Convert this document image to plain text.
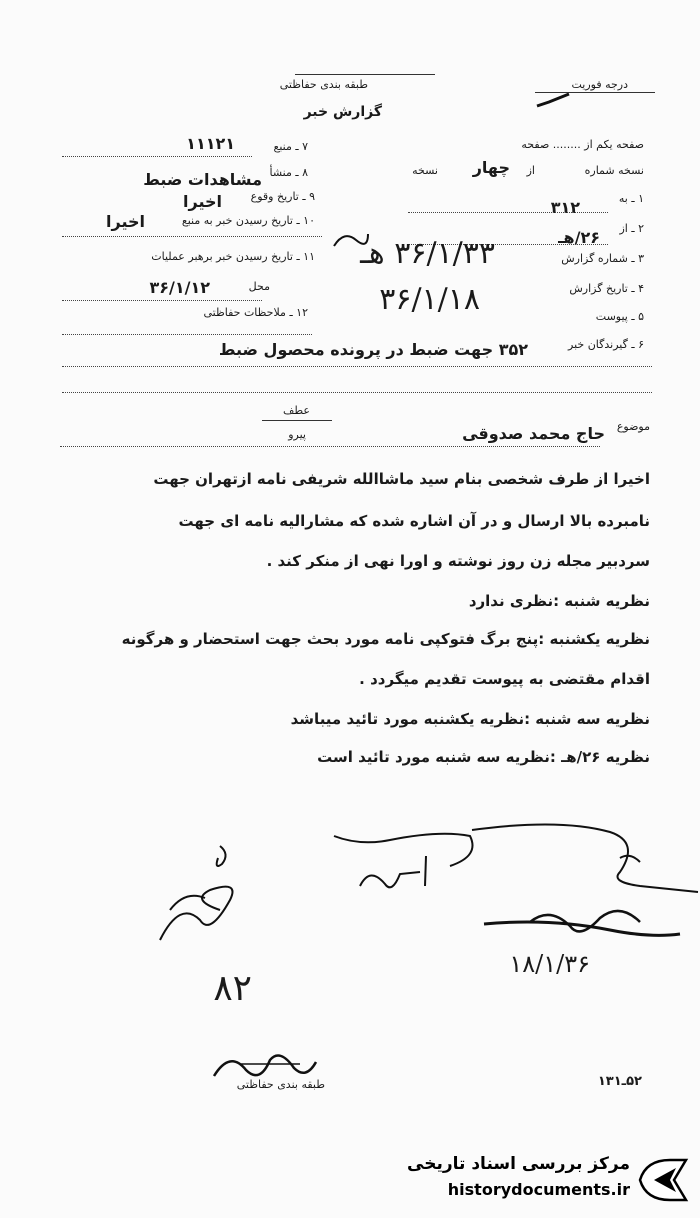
درجه فوریت
طبقه بندی حفاظتی
گزارش خبر
صفحه یکم از ........ صفحه
نسخه شماره
چهار از
نسخه
۱ ـ به
۳۱۲
۲ ـ از
۲۶/هـ
۳ ـ شماره گزارش
۴ ـ تاریخ گزارش
۵ ـ پیوست
۶ ـ گیرندگان خبر
۳۵۲ جهت ضبط در پرونده محصول ضبط
۷ ـ منبع
۱۱۱۲۱
۸ ـ منشأ
مشاهدات ضبط
۹ ـ تاریخ وقوع
اخیرا
۱۰ ـ تاریخ رسیدن خبر به منبع
اخیرا
۱۱ ـ تاریخ رسیدن خبر برهبر عملیات
محل
۳۶/۱/۱۲
۱۲ ـ ملاحظات حفاظتی
۳۶/۱/۳۳ هـ
۳۶/۱/۱۸
عطف
پیرو
موضوع
حاج محمد صدوقی
اخیرا از طرف شخصی بنام سید ماشاالله شریفی نامه ازتهران جهت
نامبرده بالا ارسال و در آن اشاره شده که مشارالیه نامه ای جهت
سردبیر مجله زن روز نوشته و اورا نهی از منکر کند .
نظریه شنبه :نظری ندارد
نظریه یکشنبه :پنج برگ فتوکپی نامه مورد بحث جهت استحضار و هرگونه
اقدام مقتضی به پیوست تقدیم میگردد .
نظریه سه شنبه :نظریه یکشنبه مورد تائید میباشد
نظریه ۲۶/هـ :نظریه سه شنبه مورد تائید است
۸۲
۱۸/۱/۳۶
طبقه بندی حفاظتی	۵۲ـ۱۳۱
مرکز بررسی اسناد تاریخی
historydocuments.ir
